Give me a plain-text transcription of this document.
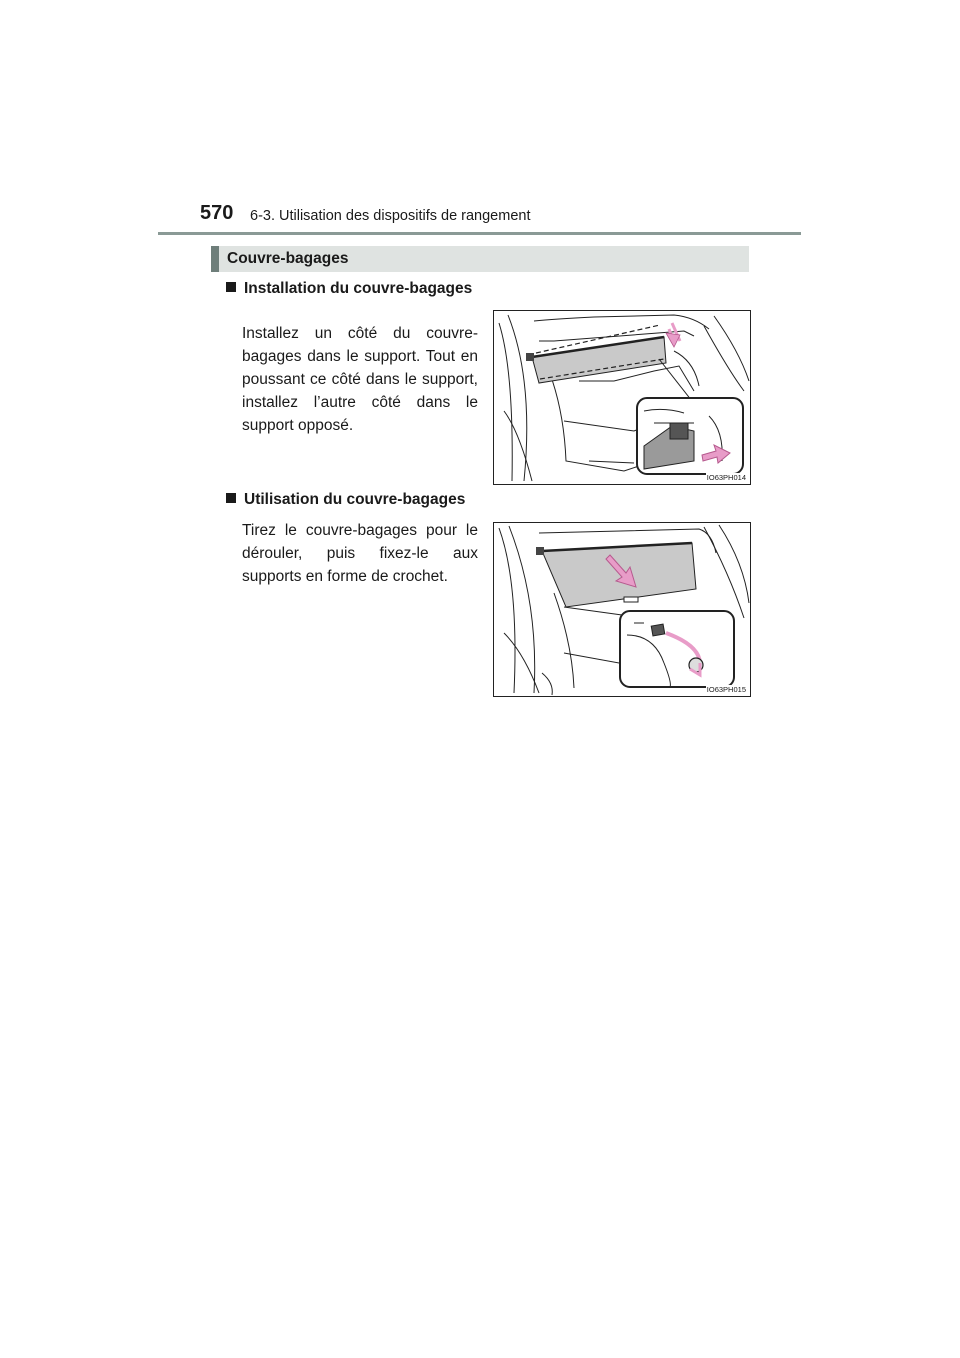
570 6-3. Utilisation des dispositifs de rangement
Couvre-bagages
Installation du couvre-bagages

Installez un côté du couvre-bagages dans le support. Tout en poussant ce côté dans le support, installez l’autre côté dans le support opposé.

IO63PH014
Utilisation du couvre-bagages

Tirez le couvre-bagages pour le dérouler, puis fixez-le aux supports en forme de crochet.

IO63PH015
